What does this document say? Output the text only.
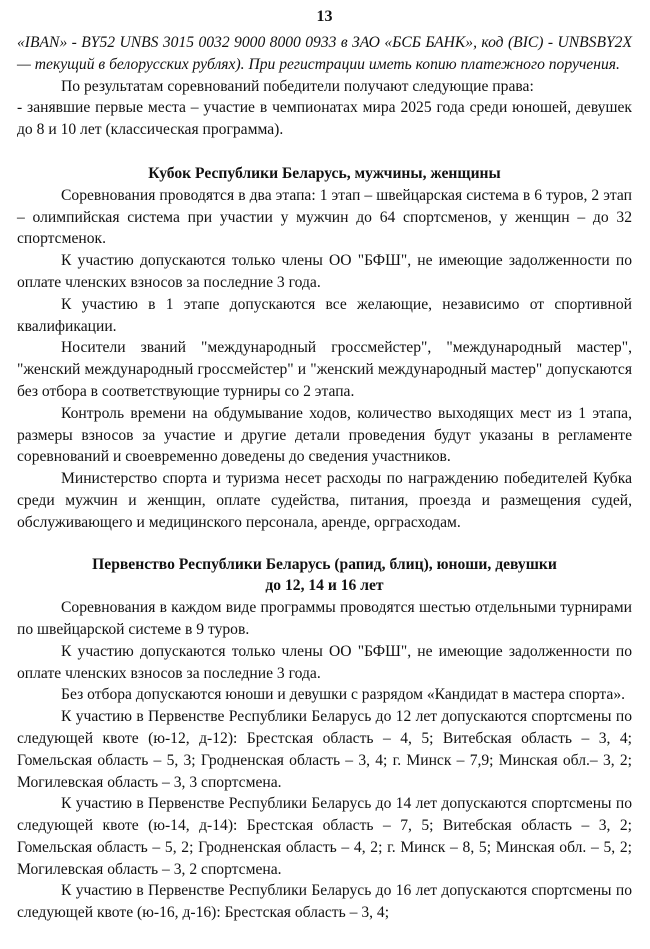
13

«IBAN» - BY52 UNBS 3015 0032 9000 8000 0933 в ЗАО «БСБ БАНК», код (BIC) - UNBSBY2X — текущий в белорусских рублях). При регистрации иметь копию платежного поручения.

По результатам соревнований победители получают следующие права:

- занявшие первые места – участие в чемпионатах мира 2025 года среди юношей, девушек до 8 и 10 лет (классическая программа).

Кубок Республики Беларусь, мужчины, женщины

Соревнования проводятся в два этапа: 1 этап – швейцарская система в 6 туров, 2 этап – олимпийская система при участии у мужчин до 64 спортсменов, у женщин – до 32 спортсменок.

К участию допускаются только члены ОО "БФШ", не имеющие задолженности по оплате членских взносов за последние 3 года.

К участию в 1 этапе допускаются все желающие, независимо от спортивной квалификации.

Носители званий "международный гроссмейстер", "международный мастер", "женский международный гроссмейстер" и "женский международный мастер" допускаются без отбора в соответствующие турниры со 2 этапа.

Контроль времени на обдумывание ходов, количество выходящих мест из 1 этапа, размеры взносов за участие и другие детали проведения будут указаны в регламенте соревнований и своевременно доведены до сведения участников.

Министерство спорта и туризма несет расходы по награждению победителей Кубка среди мужчин и женщин, оплате судейства, питания, проезда и размещения судей, обслуживающего и медицинского персонала, аренде, орграсходам.

Первенство Республики Беларусь (рапид, блиц), юноши, девушки

до 12, 14 и 16 лет

Соревнования в каждом виде программы проводятся шестью отдельными турнирами по швейцарской системе в 9 туров.

К участию допускаются только члены ОО "БФШ", не имеющие задолженности по оплате членских взносов за последние 3 года.

Без отбора допускаются юноши и девушки с разрядом «Кандидат в мастера спорта».

К участию в Первенстве Республики Беларусь до 12 лет допускаются спортсмены по следующей квоте (ю-12, д-12): Брестская область – 4, 5; Витебская область – 3, 4; Гомельская область – 5, 3; Гродненская область – 3, 4; г. Минск – 7,9; Минская обл.– 3, 2; Могилевская область – 3, 3 спортсмена.

К участию в Первенстве Республики Беларусь до 14 лет допускаются спортсмены по следующей квоте (ю-14, д-14): Брестская область – 7, 5; Витебская область – 3, 2; Гомельская область – 5, 2; Гродненская область – 4, 2; г. Минск – 8, 5; Минская обл. – 5, 2; Могилевская область – 3, 2 спортсмена.

К участию в Первенстве Республики Беларусь до 16 лет допускаются спортсмены по следующей квоте (ю-16, д-16): Брестская область – 3, 4;
